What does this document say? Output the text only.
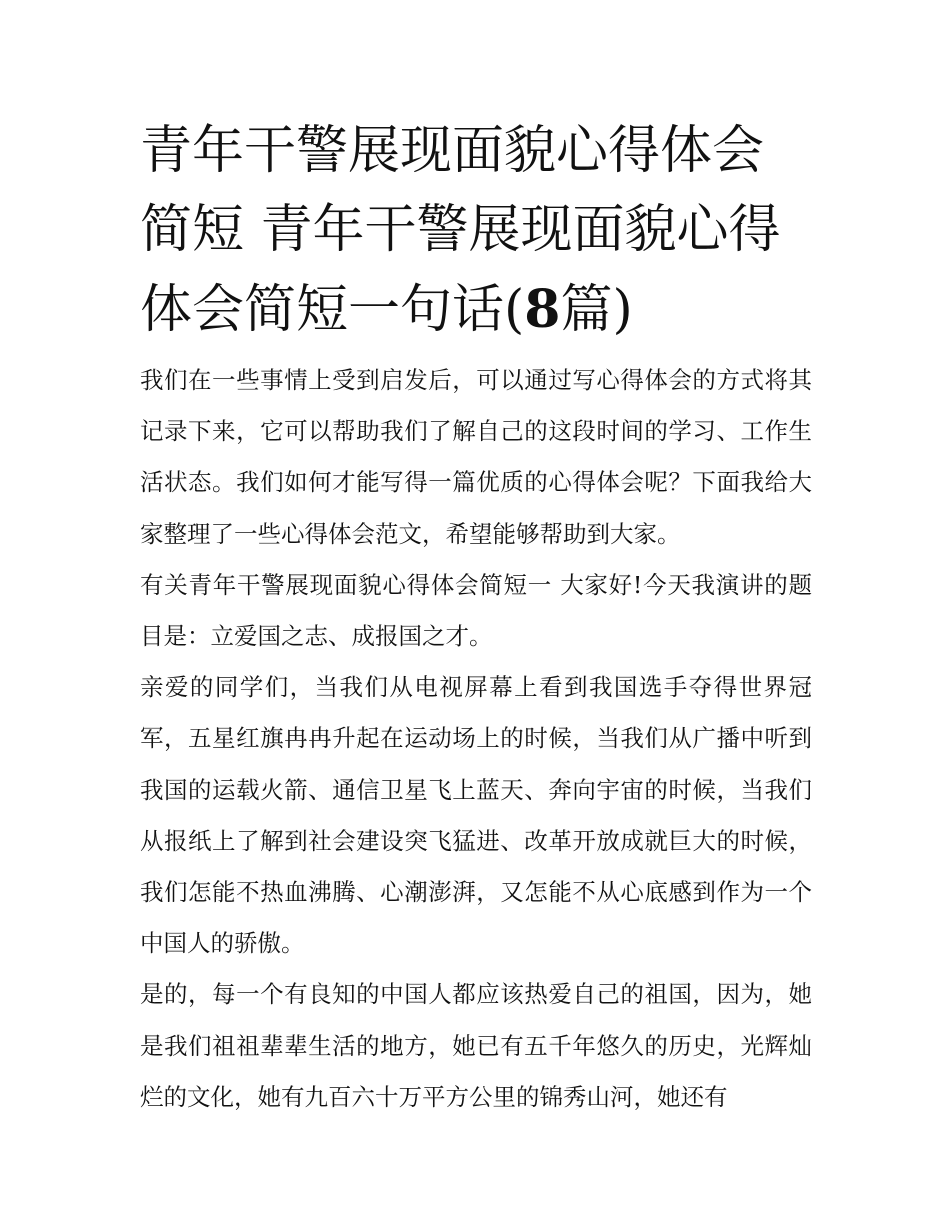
青年干警展现面貌心得体会简短 青年干警展现面貌心得体会简短一句话(8篇)

我们在一些事情上受到启发后，可以通过写心得体会的方式将其记录下来，它可以帮助我们了解自己的这段时间的学习、工作生活状态。我们如何才能写得一篇优质的心得体会呢？下面我给大家整理了一些心得体会范文，希望能够帮助到大家。

有关青年干警展现面貌心得体会简短一 大家好!今天我演讲的题目是：立爱国之志、成报国之才。

亲爱的同学们，当我们从电视屏幕上看到我国选手夺得世界冠军，五星红旗冉冉升起在运动场上的时候，当我们从广播中听到我国的运载火箭、通信卫星飞上蓝天、奔向宇宙的时候，当我们从报纸上了解到社会建设突飞猛进、改革开放成就巨大的时候，我们怎能不热血沸腾、心潮澎湃，又怎能不从心底感到作为一个中国人的骄傲。

是的，每一个有良知的中国人都应该热爱自己的祖国，因为，她是我们祖祖辈辈生活的地方，她已有五千年悠久的历史，光辉灿烂的文化，她有九百六十万平方公里的锦秀山河，她还有
